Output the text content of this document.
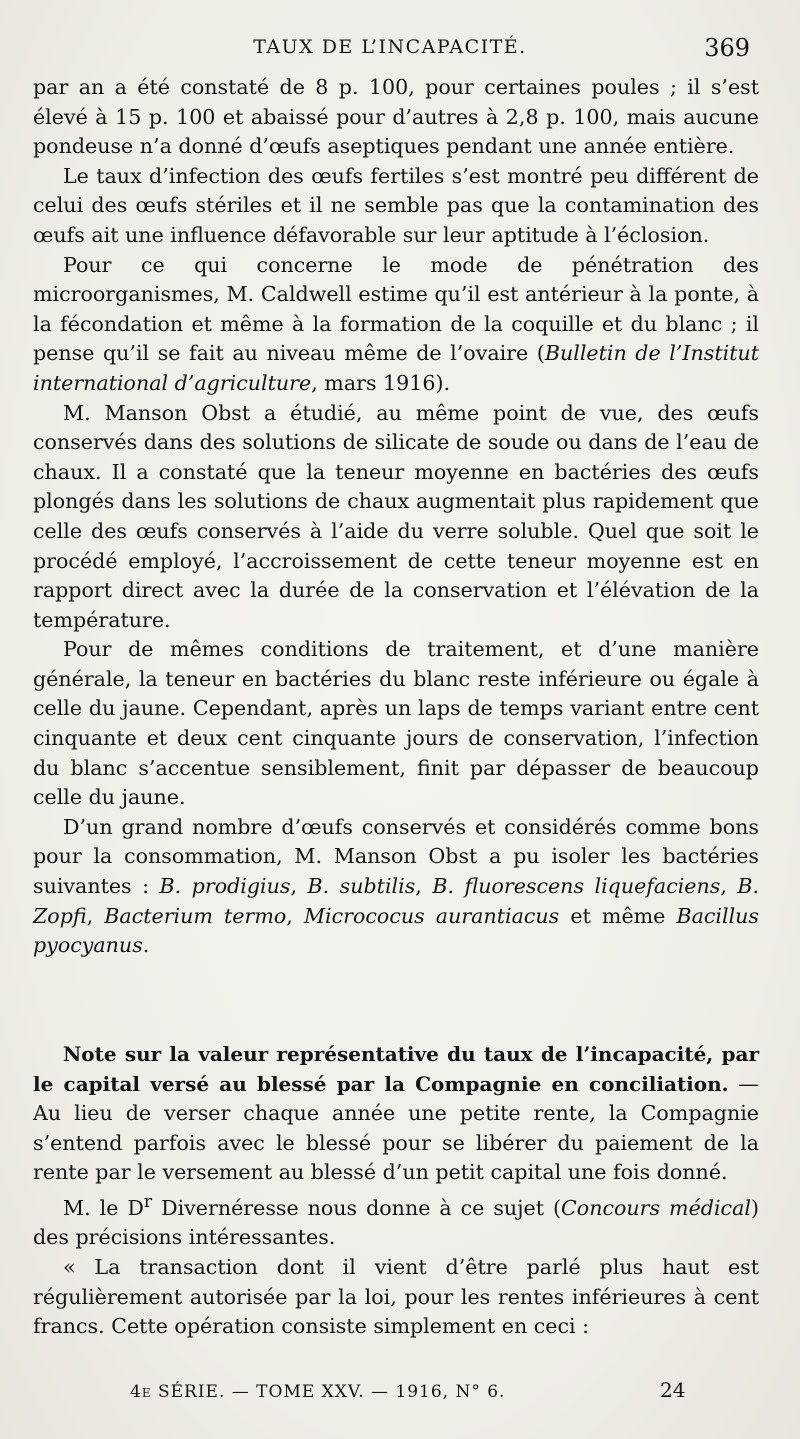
TAUX DE L’INCAPACITÉ.	369

par an a été constaté de 8 p. 100, pour certaines poules ; il s’est élevé à 15 p. 100 et abaissé pour d’autres à 2,8 p. 100, mais aucune pondeuse n’a donné d’œufs aseptiques pendant une année entière.

Le taux d’infection des œufs fertiles s’est montré peu différent de celui des œufs stériles et il ne semble pas que la contamination des œufs ait une influence défavorable sur leur aptitude à l’éclosion.

Pour ce qui concerne le mode de pénétration des microorganismes, M. Caldwell estime qu’il est antérieur à la ponte, à la fécondation et même à la formation de la coquille et du blanc ; il pense qu’il se fait au niveau même de l’ovaire (Bulletin de l’Institut international d’agriculture, mars 1916).

M. Manson Obst a étudié, au même point de vue, des œufs conservés dans des solutions de silicate de soude ou dans de l’eau de chaux. Il a constaté que la teneur moyenne en bactéries des œufs plongés dans les solutions de chaux augmentait plus rapidement que celle des œufs conservés à l’aide du verre soluble. Quel que soit le procédé employé, l’accroissement de cette teneur moyenne est en rapport direct avec la durée de la conservation et l’élévation de la température.

Pour de mêmes conditions de traitement, et d’une manière générale, la teneur en bactéries du blanc reste inférieure ou égale à celle du jaune. Cependant, après un laps de temps variant entre cent cinquante et deux cent cinquante jours de conservation, l’infection du blanc s’accentue sensiblement, finit par dépasser de beaucoup celle du jaune.

D’un grand nombre d’œufs conservés et considérés comme bons pour la consommation, M. Manson Obst a pu isoler les bactéries suivantes : B. prodigius, B. subtilis, B. fluorescens liquefaciens, B. Zopfi, Bacterium termo, Micrococus aurantiacus et même Bacillus pyocyanus.

Note sur la valeur représentative du taux de l’incapacité, par le capital versé au blessé par la Compagnie en conciliation. — Au lieu de verser chaque année une petite rente, la Compagnie s’entend parfois avec le blessé pour se libérer du paiement de la rente par le versement au blessé d’un petit capital une fois donné.

M. le $D^r$ Divernéresse nous donne à ce sujet (Concours médical) des précisions intéressantes.

« La transaction dont il vient d’être parlé plus haut est régulièrement autorisée par la loi, pour les rentes inférieures à cent francs. Cette opération consiste simplement en ceci :

4e SÉRIE. — TOME XXV. — 1916, N° 6.	24
